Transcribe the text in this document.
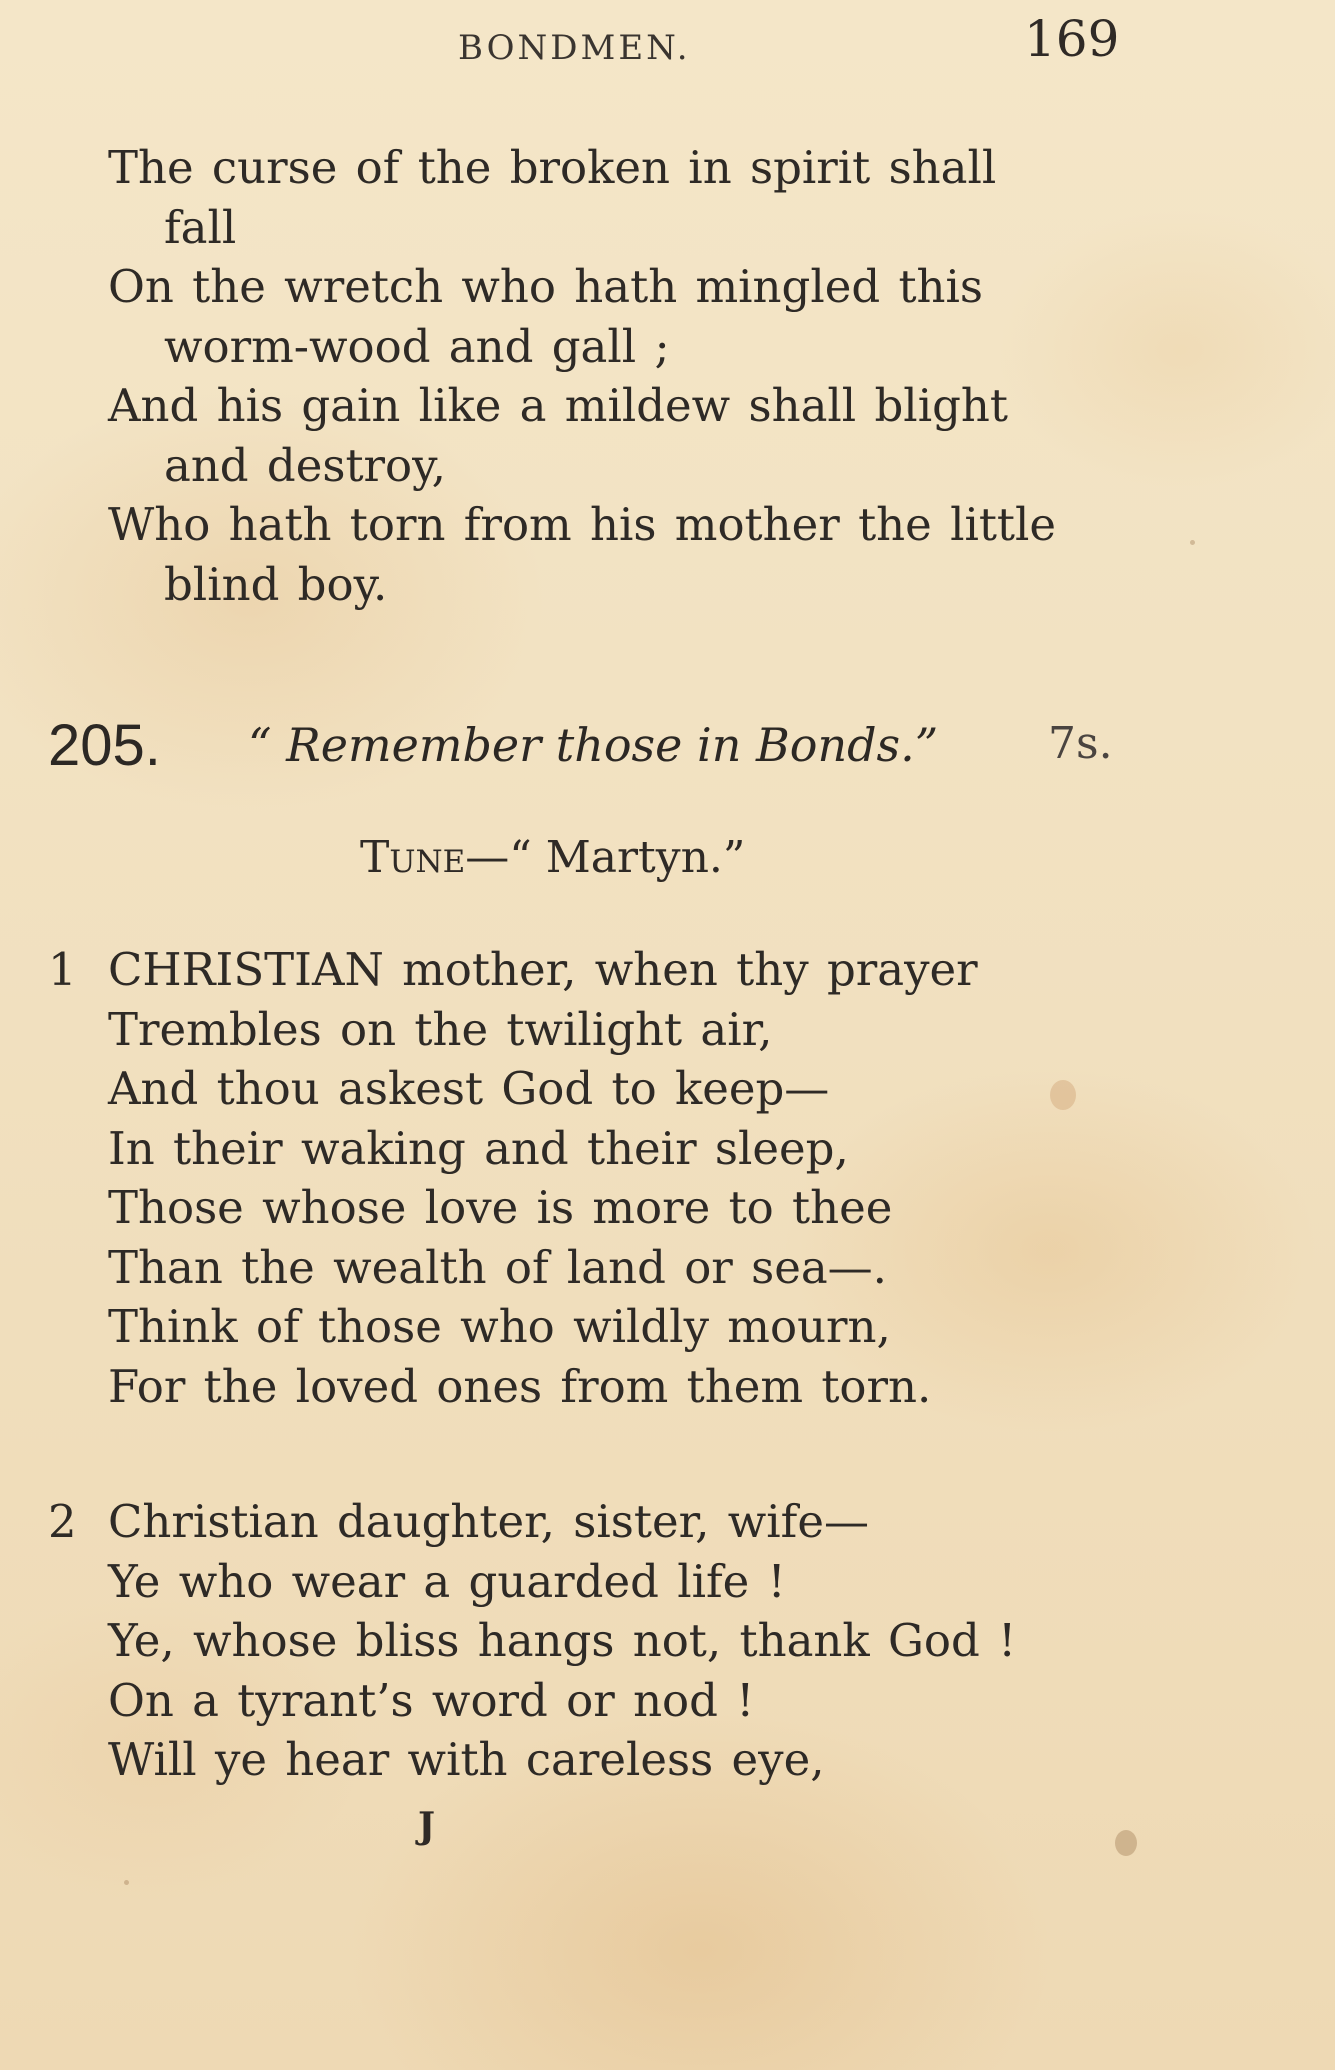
BONDMEN.	169
The curse of the broken in spirit shall
fall
On the wretch who hath mingled this
worm-wood and gall ;
And his gain like a mildew shall blight
and destroy,
Who hath torn from his mother the little
blind boy.
205. “ Remember those in Bonds.” 7s.
Tune—“ Martyn.”
1 CHRISTIAN mother, when thy prayer
Trembles on the twilight air,
And thou askest God to keep—
In their waking and their sleep,
Those whose love is more to thee
Than the wealth of land or sea—.
Think of those who wildly mourn,
For the loved ones from them torn.
2 Christian daughter, sister, wife—
Ye who wear a guarded life !
Ye, whose bliss hangs not, thank God !
On a tyrant’s word or nod !
Will ye hear with careless eye,
J
